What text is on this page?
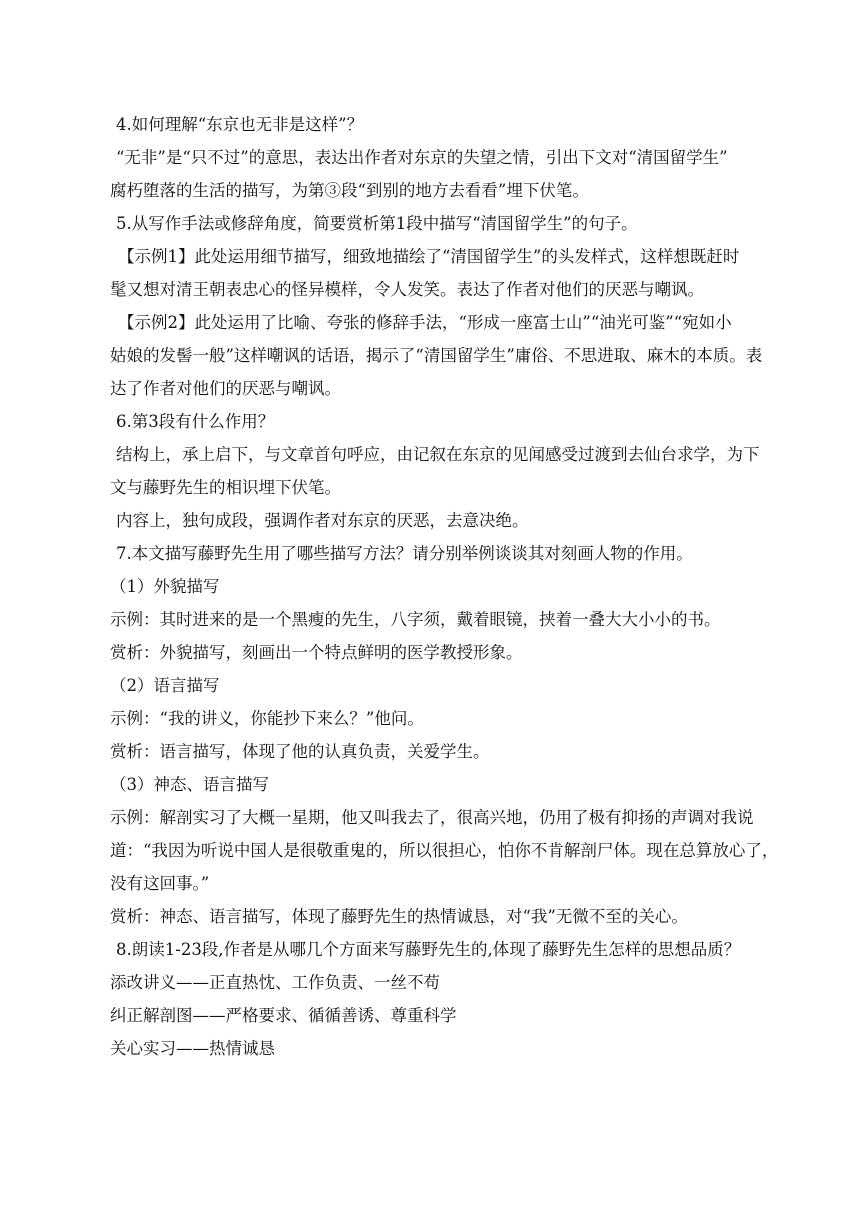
4.如何理解“东京也无非是这样”？

“无非”是“只不过”的意思，表达出作者对东京的失望之情，引出下文对“清国留学生”

腐朽堕落的生活的描写，为第③段“到别的地方去看看”埋下伏笔。

5.从写作手法或修辞角度，简要赏析第1段中描写“清国留学生”的句子。

【示例1】此处运用细节描写，细致地描绘了“清国留学生”的头发样式，这样想既赶时

髦又想对清王朝表忠心的怪异模样，令人发笑。表达了作者对他们的厌恶与嘲讽。

【示例2】此处运用了比喻、夸张的修辞手法，“形成一座富士山”“油光可鉴”“宛如小

姑娘的发髻一般”这样嘲讽的话语，揭示了“清国留学生”庸俗、不思进取、麻木的本质。表

达了作者对他们的厌恶与嘲讽。

6.第3段有什么作用？

结构上，承上启下，与文章首句呼应，由记叙在东京的见闻感受过渡到去仙台求学，为下

文与藤野先生的相识埋下伏笔。

内容上，独句成段，强调作者对东京的厌恶，去意决绝。

7.本文描写藤野先生用了哪些描写方法？请分别举例谈谈其对刻画人物的作用。

（1）外貌描写

示例：其时进来的是一个黑瘦的先生，八字须，戴着眼镜，挟着一叠大大小小的书。

赏析：外貌描写，刻画出一个特点鲜明的医学教授形象。

（2）语言描写

示例：“我的讲义，你能抄下来么？”他问。

赏析：语言描写，体现了他的认真负责，关爱学生。

（3）神态、语言描写

示例：解剖实习了大概一星期，他又叫我去了，很高兴地，仍用了极有抑扬的声调对我说

道：“我因为听说中国人是很敬重鬼的，所以很担心，怕你不肯解剖尸体。现在总算放心了，

没有这回事。”

赏析：神态、语言描写，体现了藤野先生的热情诚恳，对“我”无微不至的关心。

8.朗读1-23段,作者是从哪几个方面来写藤野先生的,体现了藤野先生怎样的思想品质？

添改讲义——正直热忱、工作负责、一丝不苟

纠正解剖图——严格要求、循循善诱、尊重科学

关心实习——热情诚恳
